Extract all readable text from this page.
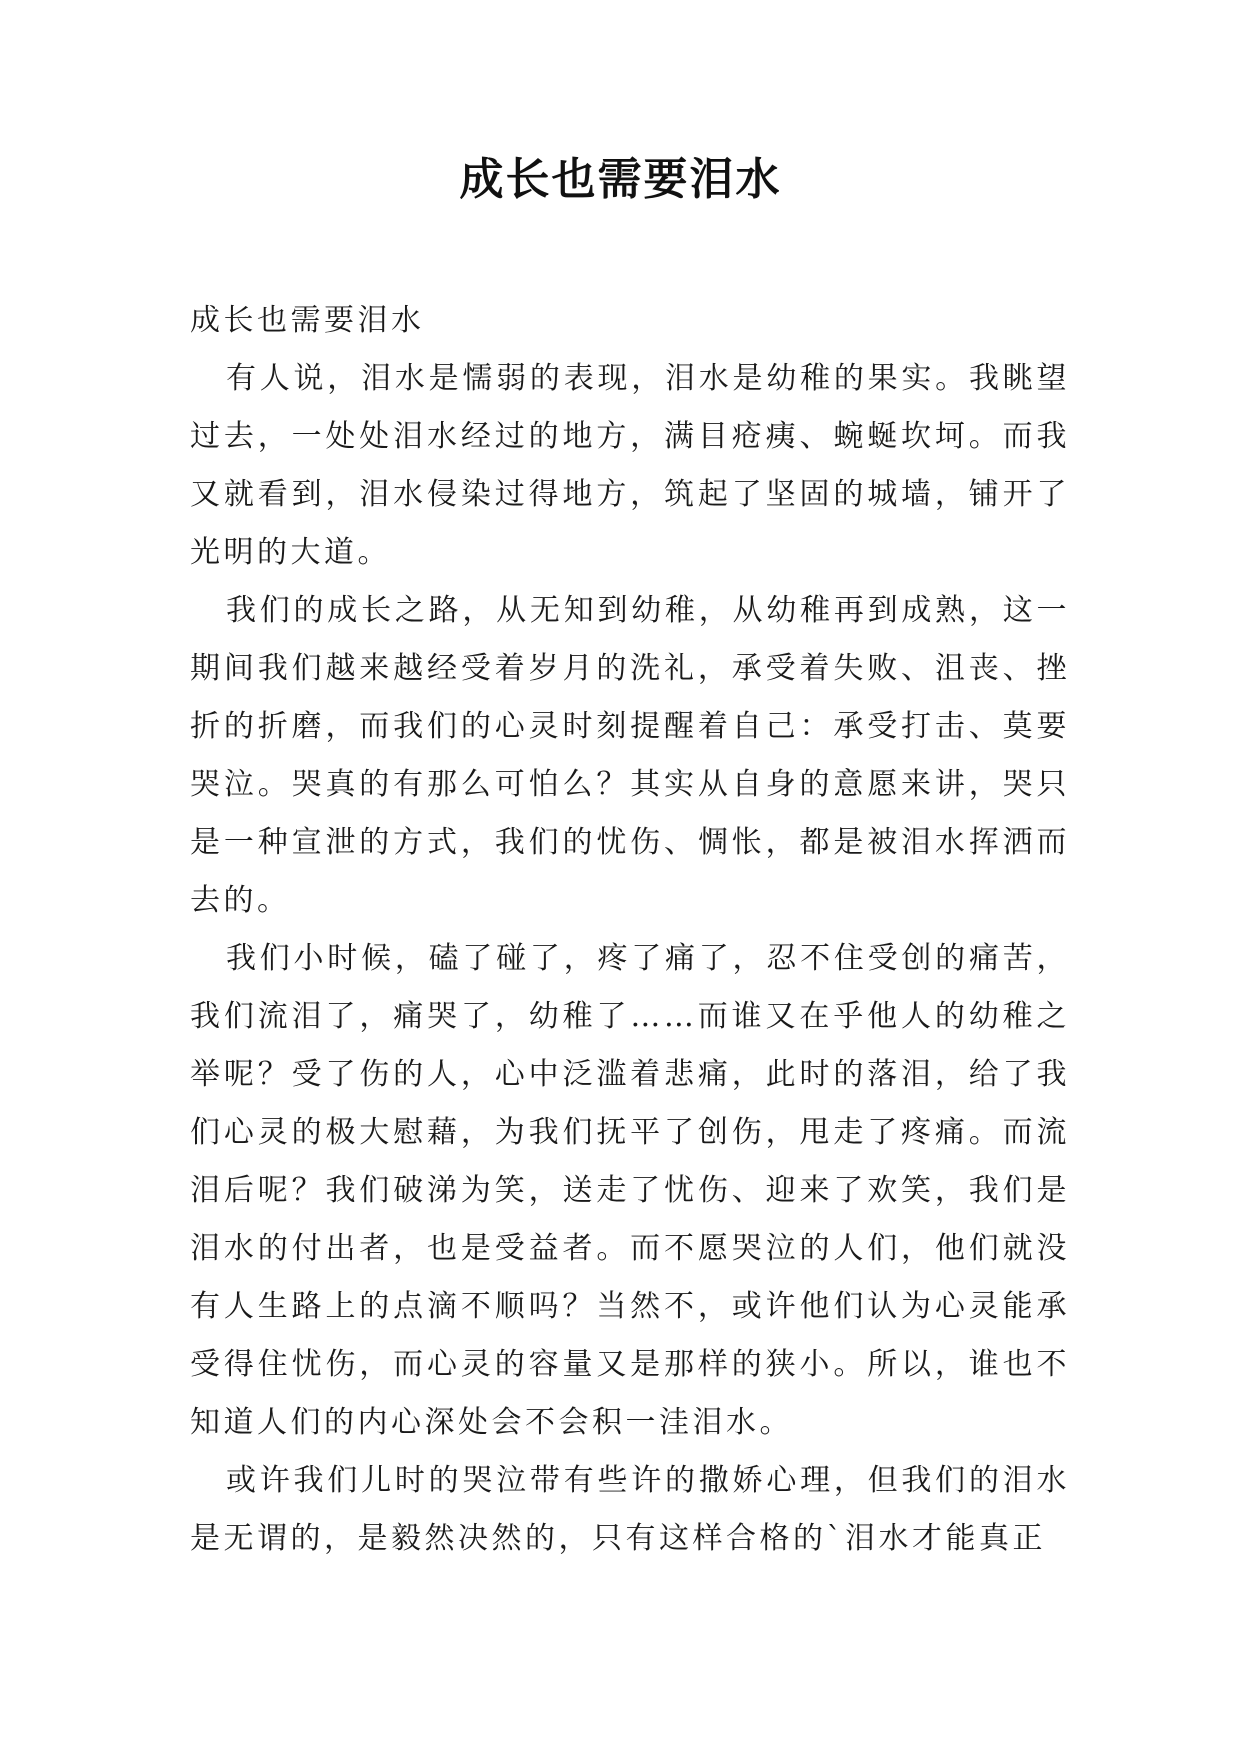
成长也需要泪水

成长也需要泪水

有人说，泪水是懦弱的表现，泪水是幼稚的果实。我眺望过去，一处处泪水经过的地方，满目疮痍、蜿蜒坎坷。而我又就看到，泪水侵染过得地方，筑起了坚固的城墙，铺开了光明的大道。

我们的成长之路，从无知到幼稚，从幼稚再到成熟，这一期间我们越来越经受着岁月的洗礼，承受着失败、沮丧、挫折的折磨，而我们的心灵时刻提醒着自己：承受打击、莫要哭泣。哭真的有那么可怕么？其实从自身的意愿来讲，哭只是一种宣泄的方式，我们的忧伤、惆怅，都是被泪水挥洒而去的。

我们小时候，磕了碰了，疼了痛了，忍不住受创的痛苦，我们流泪了，痛哭了，幼稚了……而谁又在乎他人的幼稚之举呢？受了伤的人，心中泛滥着悲痛，此时的落泪，给了我们心灵的极大慰藉，为我们抚平了创伤，甩走了疼痛。而流泪后呢？我们破涕为笑，送走了忧伤、迎来了欢笑，我们是泪水的付出者，也是受益者。而不愿哭泣的人们，他们就没有人生路上的点滴不顺吗？当然不，或许他们认为心灵能承受得住忧伤，而心灵的容量又是那样的狭小。所以，谁也不知道人们的内心深处会不会积一洼泪水。

或许我们儿时的哭泣带有些许的撒娇心理，但我们的泪水是无谓的，是毅然决然的，只有这样合格的`泪水才能真正
